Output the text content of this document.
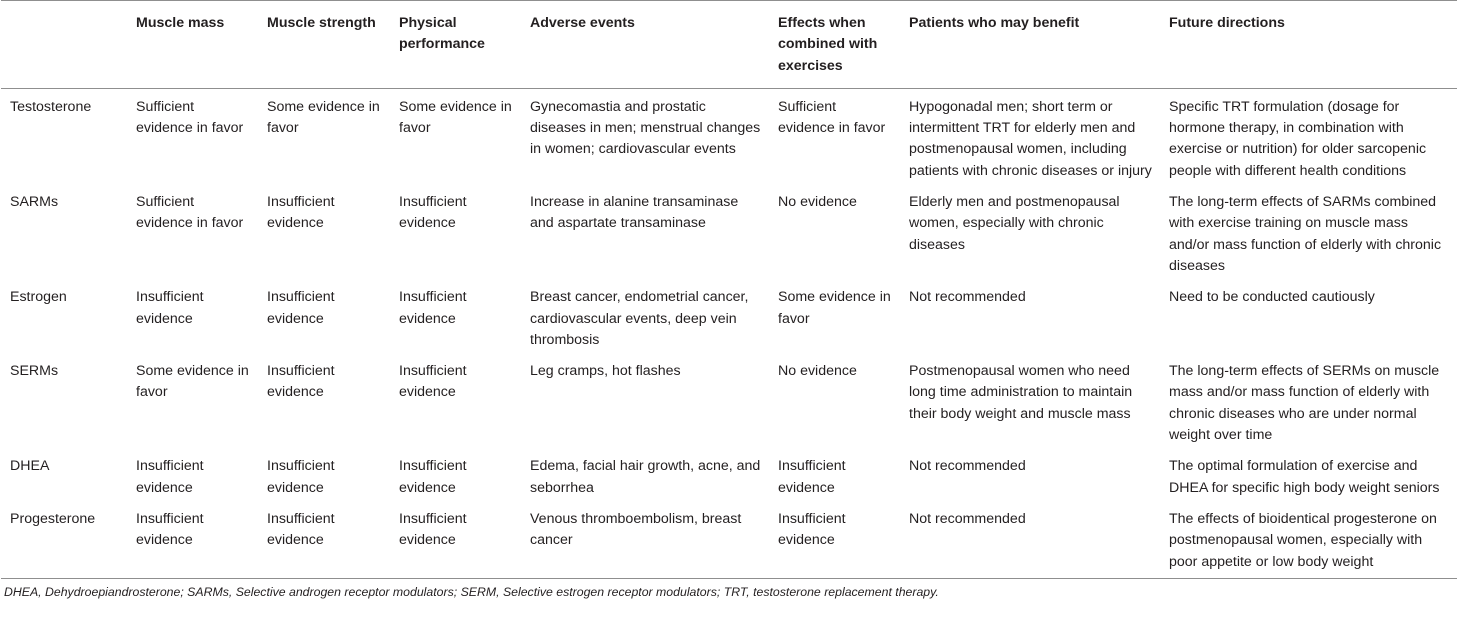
	Muscle mass	Muscle strength	Physical performance	Adverse events	Effects when combined with exercises	Patients who may benefit	Future directions
Testosterone	Sufficient evidence in favor	Some evidence in favor	Some evidence in favor	Gynecomastia and prostatic diseases in men; menstrual changes in women; cardiovascular events	Sufficient evidence in favor	Hypogonadal men; short term or intermittent TRT for elderly men and postmenopausal women, including patients with chronic diseases or injury	Specific TRT formulation (dosage for hormone therapy, in combination with exercise or nutrition) for older sarcopenic people with different health conditions
SARMs	Sufficient evidence in favor	Insufficient evidence	Insufficient evidence	Increase in alanine transaminase and aspartate transaminase	No evidence	Elderly men and postmenopausal women, especially with chronic diseases	The long-term effects of SARMs combined with exercise training on muscle mass and/or mass function of elderly with chronic diseases
Estrogen	Insufficient evidence	Insufficient evidence	Insufficient evidence	Breast cancer, endometrial cancer, cardiovascular events, deep vein thrombosis	Some evidence in favor	Not recommended	Need to be conducted cautiously
SERMs	Some evidence in favor	Insufficient evidence	Insufficient evidence	Leg cramps, hot flashes	No evidence	Postmenopausal women who need long time administration to maintain their body weight and muscle mass	The long-term effects of SERMs on muscle mass and/or mass function of elderly with chronic diseases who are under normal weight over time
DHEA	Insufficient evidence	Insufficient evidence	Insufficient evidence	Edema, facial hair growth, acne, and seborrhea	Insufficient evidence	Not recommended	The optimal formulation of exercise and DHEA for specific high body weight seniors
Progesterone	Insufficient evidence	Insufficient evidence	Insufficient evidence	Venous thromboembolism, breast cancer	Insufficient evidence	Not recommended	The effects of bioidentical progesterone on postmenopausal women, especially with poor appetite or low body weight
DHEA, Dehydroepiandrosterone; SARMs, Selective androgen receptor modulators; SERM, Selective estrogen receptor modulators; TRT, testosterone replacement therapy.
